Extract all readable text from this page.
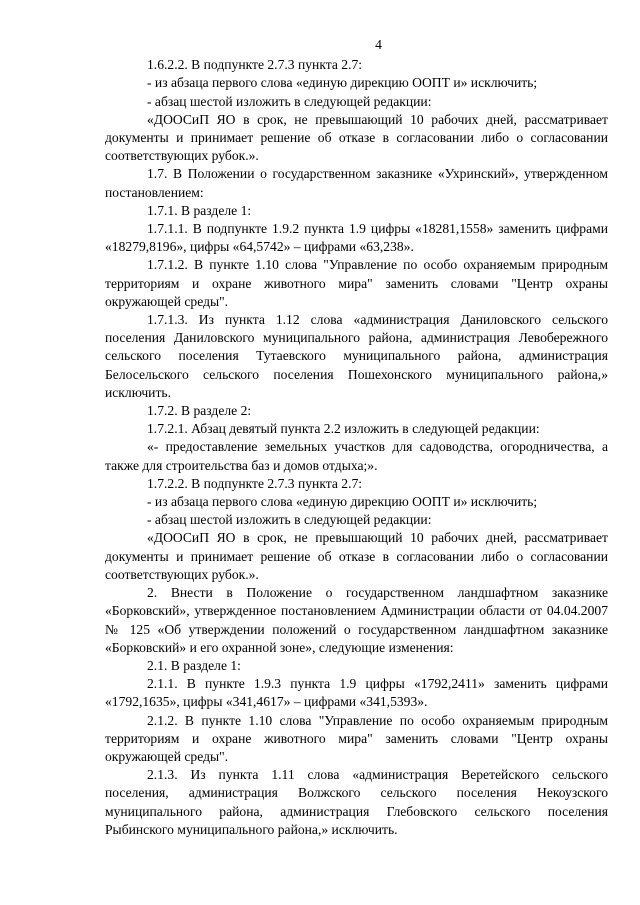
4

1.6.2.2. В подпункте 2.7.3 пункта 2.7:

- из абзаца первого слова «единую дирекцию ООПТ и» исключить;

- абзац шестой изложить в следующей редакции:

«ДООСиП ЯО в срок, не превышающий 10 рабочих дней, рассматривает документы и принимает решение об отказе в согласовании либо о согласовании соответствующих рубок.».

1.7. В Положении о государственном заказнике «Ухринский», утвержденном постановлением:

1.7.1. В разделе 1:

1.7.1.1. В подпункте 1.9.2 пункта 1.9 цифры «18281,1558» заменить цифрами «18279,8196», цифры «64,5742» – цифрами «63,238».

1.7.1.2. В пункте 1.10 слова "Управление по особо охраняемым природным территориям и охране животного мира" заменить словами "Центр охраны окружающей среды".

1.7.1.3. Из пункта 1.12 слова «администрация Даниловского сельского поселения Даниловского муниципального района, администрация Левобережного сельского поселения Тутаевского муниципального района, администрация Белосельского сельского поселения Пошехонского муниципального района,» исключить.

1.7.2. В разделе 2:

1.7.2.1. Абзац девятый пункта 2.2 изложить в следующей редакции:

«- предоставление земельных участков для садоводства, огородничества, а также для строительства баз и домов отдыха;».

1.7.2.2. В подпункте 2.7.3 пункта 2.7:

- из абзаца первого слова «единую дирекцию ООПТ и» исключить;

- абзац шестой изложить в следующей редакции:

«ДООСиП ЯО в срок, не превышающий 10 рабочих дней, рассматривает документы и принимает решение об отказе в согласовании либо о согласовании соответствующих рубок.».

2. Внести в Положение о государственном ландшафтном заказнике «Борковский», утвержденное постановлением Администрации области от 04.04.2007 № 125 «Об утверждении положений о государственном ландшафтном заказнике «Борковский» и его охранной зоне», следующие изменения:

2.1. В разделе 1:

2.1.1. В пункте 1.9.3 пункта 1.9 цифры «1792,2411» заменить цифрами «1792,1635», цифры «341,4617» – цифрами «341,5393».

2.1.2. В пункте 1.10 слова "Управление по особо охраняемым природным территориям и охране животного мира" заменить словами "Центр охраны окружающей среды".

2.1.3. Из пункта 1.11 слова «администрация Веретейского сельского поселения, администрация Волжского сельского поселения Некоузского муниципального района, администрация Глебовского сельского поселения Рыбинского муниципального района,» исключить.
